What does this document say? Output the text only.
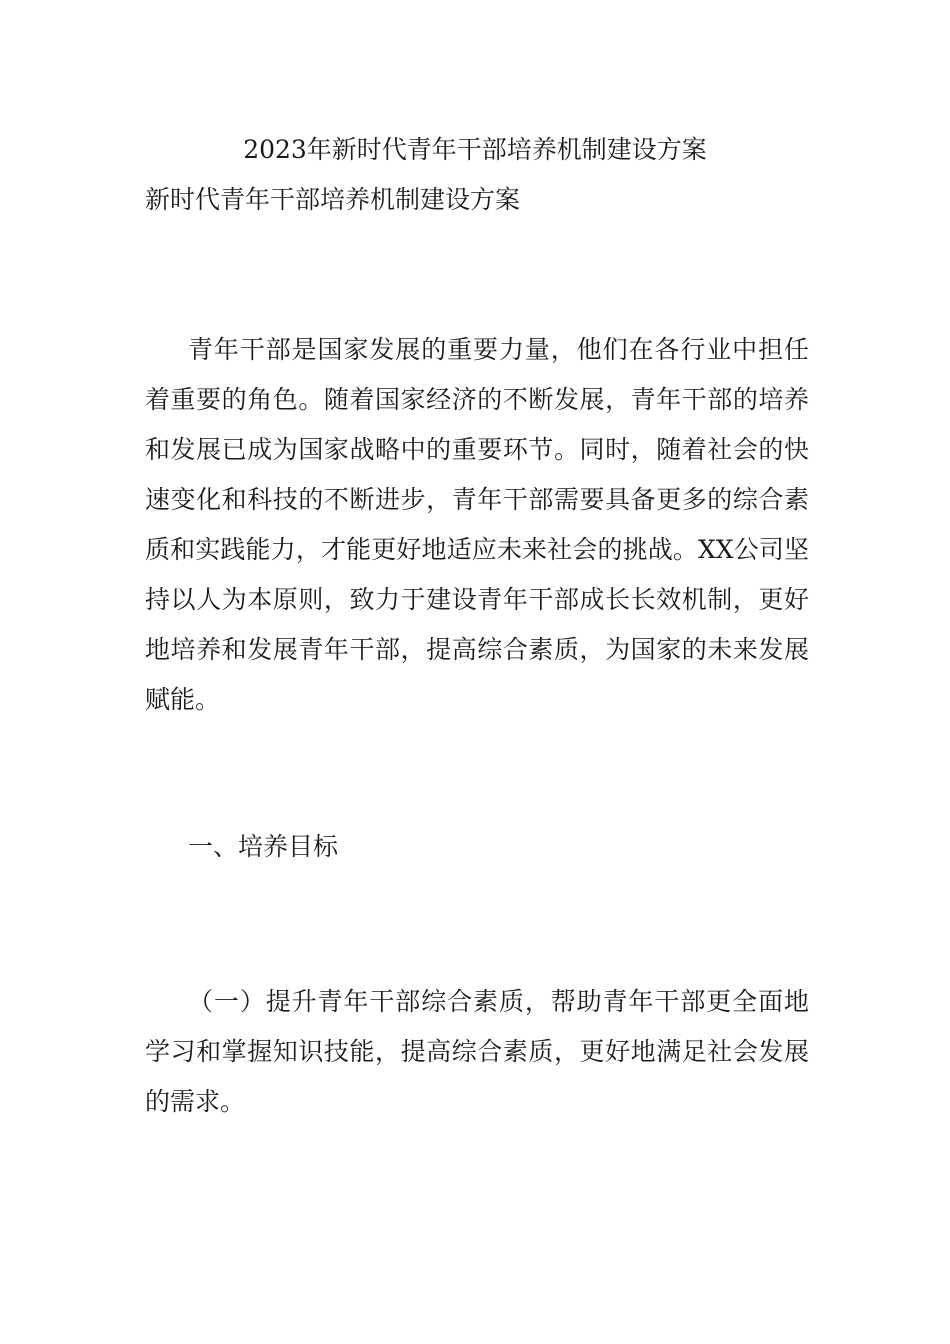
2023年新时代青年干部培养机制建设方案
新时代青年干部培养机制建设方案

青年干部是国家发展的重要力量，他们在各行业中担任着重要的角色。随着国家经济的不断发展，青年干部的培养和发展已成为国家战略中的重要环节。同时，随着社会的快速变化和科技的不断进步，青年干部需要具备更多的综合素质和实践能力，才能更好地适应未来社会的挑战。XX公司坚持以人为本原则，致力于建设青年干部成长长效机制，更好地培养和发展青年干部，提高综合素质，为国家的未来发展赋能。

一、培养目标

（一）提升青年干部综合素质，帮助青年干部更全面地学习和掌握知识技能，提高综合素质，更好地满足社会发展的需求。
